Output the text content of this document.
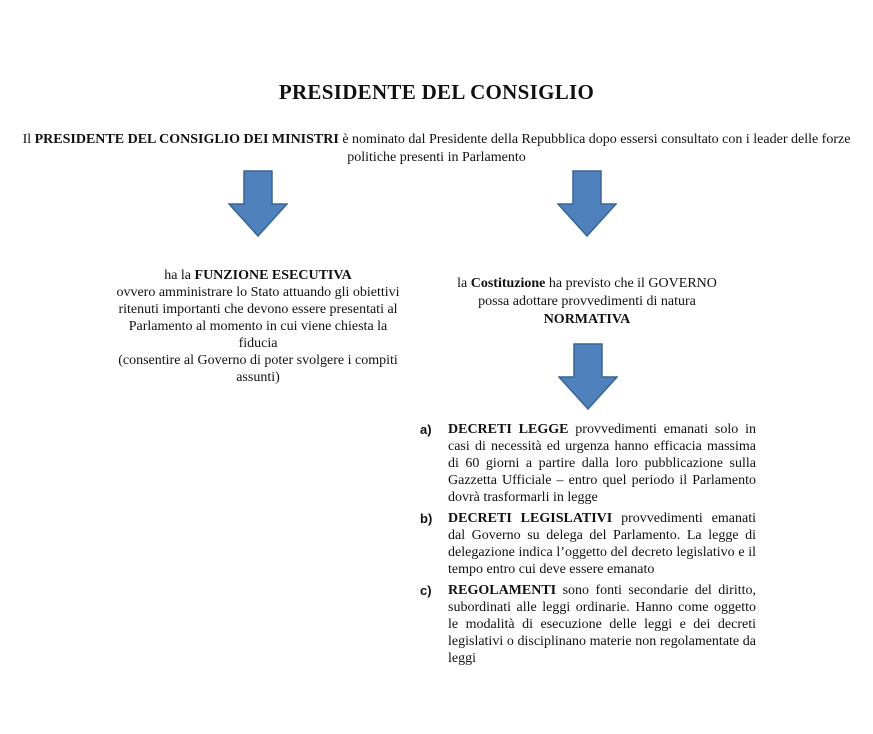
PRESIDENTE DEL CONSIGLIO
Il PRESIDENTE DEL CONSIGLIO DEI MINISTRI è nominato dal Presidente della Repubblica dopo essersi consultato con i leader delle forze politiche presenti in Parlamento
ha la FUNZIONE ESECUTIVA
ovvero amministrare lo Stato attuando gli obiettivi ritenuti importanti che devono essere presentati al Parlamento al momento in cui viene chiesta la fiducia
(consentire al Governo di poter svolgere i compiti assunti)
la Costituzione ha previsto che il GOVERNO possa adottare provvedimenti di natura NORMATIVA
a)	DECRETI LEGGE provvedimenti emanati solo in casi di necessità ed urgenza hanno efficacia massima di 60 giorni a partire dalla loro pubblicazione sulla Gazzetta Ufficiale – entro quel periodo il Parlamento dovrà trasformarli in legge
b)	DECRETI LEGISLATIVI provvedimenti emanati dal Governo su delega del Parlamento. La legge di delegazione indica l’oggetto del decreto legislativo e il tempo entro cui deve essere emanato
c)	REGOLAMENTI sono fonti secondarie del diritto, subordinati alle leggi ordinarie. Hanno come oggetto le modalità di esecuzione delle leggi e dei decreti legislativi o disciplinano materie non regolamentate da leggi
